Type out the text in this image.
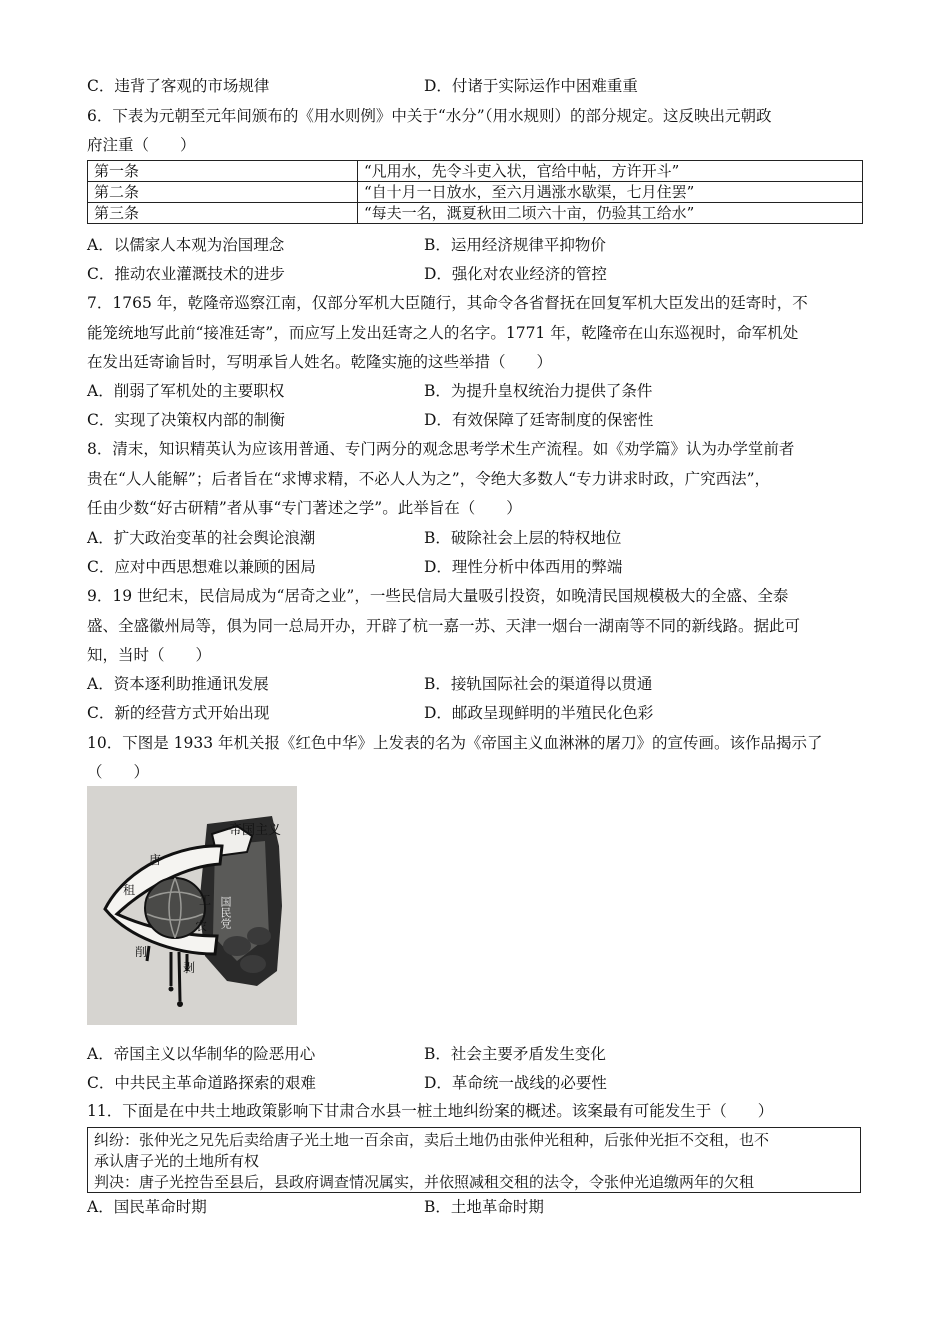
C．违背了客观的市场规律	D．付诸于实际运作中困难重重
6．下表为元朝至元年间颁布的《用水则例》中关于“水分”（用水规则）的部分规定。这反映出元朝政
府注重（　　）
第一条	“凡用水，先令斗吏入状，官给中帖，方许开斗”
第二条	“自十月一日放水，至六月遇涨水歇渠，七月住罢”
第三条	“每夫一名，溉夏秋田二顷六十亩，仍验其工给水”
A．以儒家人本观为治国理念	B．运用经济规律平抑物价
C．推动农业灌溉技术的进步	D．强化对农业经济的管控
7．1765 年，乾隆帝巡察江南，仅部分军机大臣随行，其命令各省督抚在回复军机大臣发出的廷寄时，不
能笼统地写此前“接准廷寄”，而应写上发出廷寄之人的名字。1771 年，乾隆帝在山东巡视时，命军机处
在发出廷寄谕旨时，写明承旨人姓名。乾隆实施的这些举措（　　）
A．削弱了军机处的主要职权	B．为提升皇权统治力提供了条件
C．实现了决策权内部的制衡	D．有效保障了廷寄制度的保密性
8．清末，知识精英认为应该用普通、专门两分的观念思考学术生产流程。如《劝学篇》认为办学堂前者
贵在“人人能解”；后者旨在“求博求精，不必人人为之”，令绝大多数人“专力讲求时政，广究西法”，
任由少数“好古研精”者从事“专门著述之学”。此举旨在（　　）
A．扩大政治变革的社会舆论浪潮	B．破除社会上层的特权地位
C．应对中西思想难以兼顾的困局	D．理性分析中体西用的弊端
9．19 世纪末，民信局成为“居奇之业”，一些民信局大量吸引投资，如晚清民国规模极大的全盛、全泰
盛、全盛徽州局等，俱为同一总局开办，开辟了杭一嘉一苏、天津一烟台一湖南等不同的新线路。据此可
知，当时（　　）
A．资本逐利助推通讯发展	B．接轨国际社会的渠道得以贯通
C．新的经营方式开始出现	D．邮政呈现鲜明的半殖民化色彩
10．下图是 1933 年机关报《红色中华》上发表的名为《帝国主义血淋淋的屠刀》的宣传画。该作品揭示了
（　　）
帝国主义
租
唐
工
农 国民党
削
剥
A．帝国主义以华制华的险恶用心	B．社会主要矛盾发生变化
C．中共民主革命道路探索的艰难	D．革命统一战线的必要性
11．下面是在中共土地政策影响下甘肃合水县一桩土地纠纷案的概述。该案最有可能发生于（　　）
纠纷：张仲光之兄先后卖给唐子光土地一百余亩，卖后土地仍由张仲光租种，后张仲光拒不交租，也不
承认唐子光的土地所有权
判决：唐子光控告至县后，县政府调查情况属实，并依照减租交租的法令，令张仲光追缴两年的欠租
A．国民革命时期	B．土地革命时期
